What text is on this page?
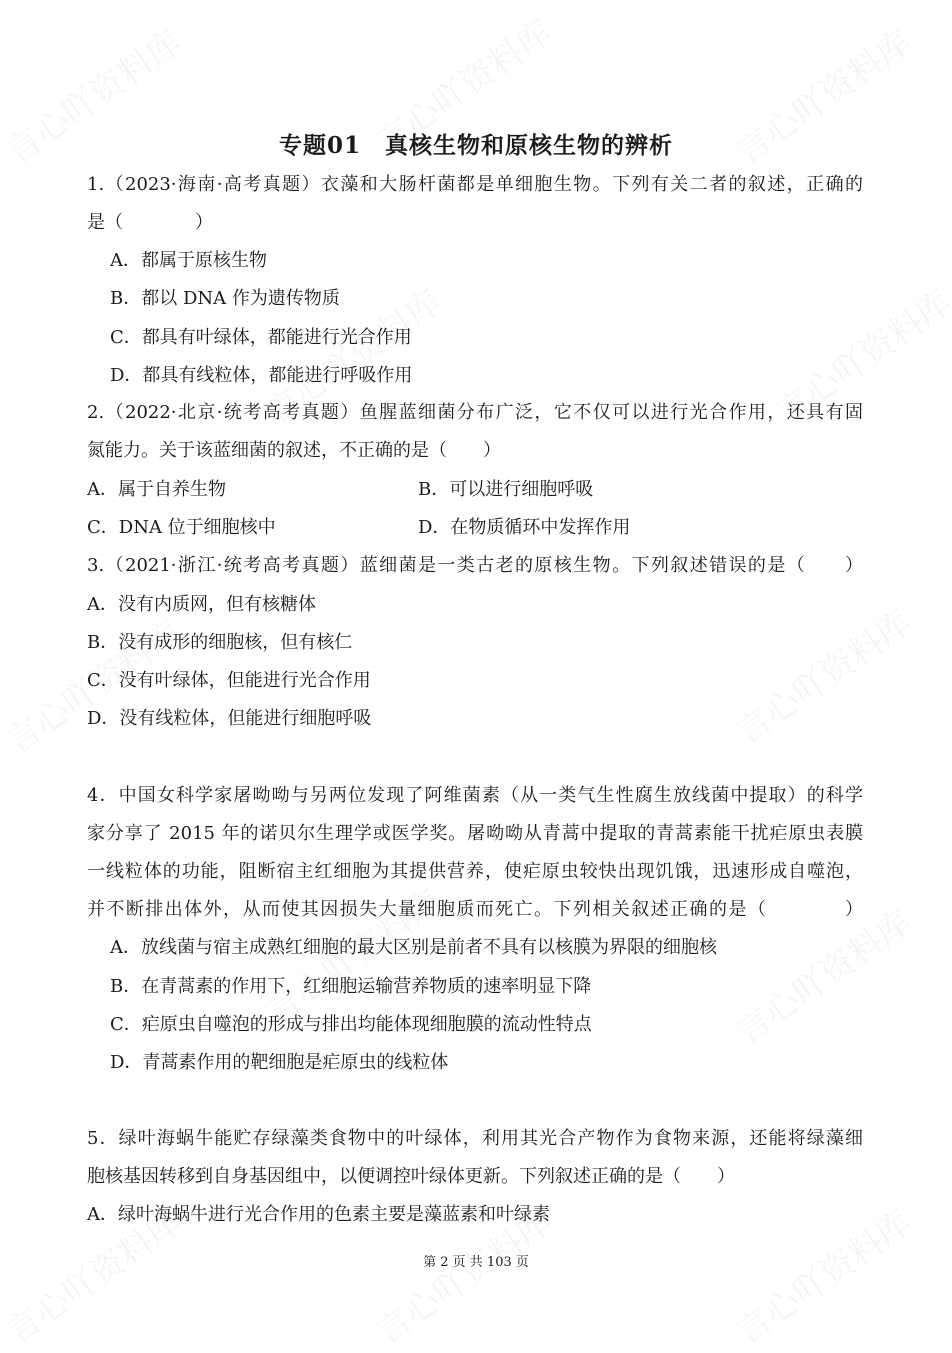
专题01　真核生物和原核生物的辨析
1.（2023·海南·高考真题）衣藻和大肠杆菌都是单细胞生物。下列有关二者的叙述，正确的
是（　　　　）
A．都属于原核生物
B．都以 DNA 作为遗传物质
C．都具有叶绿体，都能进行光合作用
D．都具有线粒体，都能进行呼吸作用
2.（2022·北京·统考高考真题）鱼腥蓝细菌分布广泛，它不仅可以进行光合作用，还具有固
氮能力。关于该蓝细菌的叙述，不正确的是（　　）
A．属于自养生物	B．可以进行细胞呼吸
C．DNA 位于细胞核中	D．在物质循环中发挥作用
3.（2021·浙江·统考高考真题）蓝细菌是一类古老的原核生物。下列叙述错误的是（　　）
A．没有内质网，但有核糖体
B．没有成形的细胞核，但有核仁
C．没有叶绿体，但能进行光合作用
D．没有线粒体，但能进行细胞呼吸
4．中国女科学家屠呦呦与另两位发现了阿维菌素（从一类气生性腐生放线菌中提取）的科学
家分享了 2015 年的诺贝尔生理学或医学奖。屠呦呦从青蒿中提取的青蒿素能干扰疟原虫表膜
一线粒体的功能，阻断宿主红细胞为其提供营养，使疟原虫较快出现饥饿，迅速形成自噬泡，
并不断排出体外，从而使其因损失大量细胞质而死亡。下列相关叙述正确的是（　　　　）
A．放线菌与宿主成熟红细胞的最大区别是前者不具有以核膜为界限的细胞核
B．在青蒿素的作用下，红细胞运输营养物质的速率明显下降
C．疟原虫自噬泡的形成与排出均能体现细胞膜的流动性特点
D．青蒿素作用的靶细胞是疟原虫的线粒体
5．绿叶海蜗牛能贮存绿藻类食物中的叶绿体，利用其光合产物作为食物来源，还能将绿藻细
胞核基因转移到自身基因组中，以便调控叶绿体更新。下列叙述正确的是（　　）
A．绿叶海蜗牛进行光合作用的色素主要是藻蓝素和叶绿素
第 2 页 共 103 页
